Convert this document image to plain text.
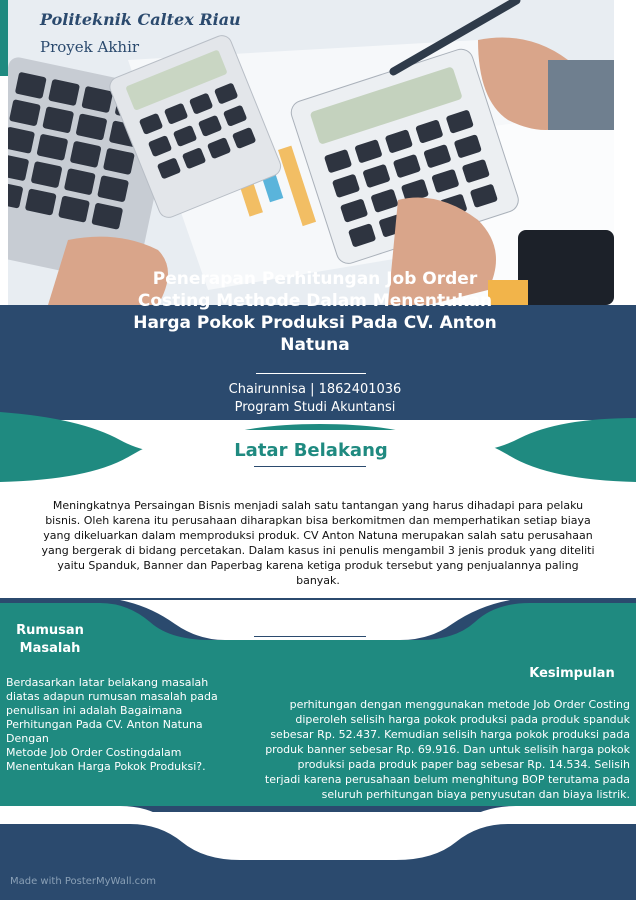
Politeknik Caltex Riau
Proyek Akhir
Penerapan Perhitungan Job Order Costing Methode Dalam Menentukan Harga Pokok Produksi Pada CV. Anton Natuna
Chairunnisa | 1862401036
Program Studi Akuntansi
Latar Belakang
Meningkatnya Persaingan Bisnis menjadi salah satu tantangan yang harus dihadapi para pelaku bisnis. Oleh karena itu perusahaan diharapkan bisa berkomitmen dan memperhatikan setiap biaya yang dikeluarkan dalam memproduksi produk. CV Anton Natuna merupakan salah satu perusahaan yang bergerak di bidang percetakan. Dalam kasus ini penulis mengambil 3 jenis produk yang diteliti yaitu Spanduk, Banner dan Paperbag karena ketiga produk tersebut yang penjualannya paling banyak.
Rumusan Masalah
Berdasarkan latar belakang masalah diatas adapun rumusan masalah pada penulisan ini adalah Bagaimana Perhitungan Pada CV. Anton Natuna Dengan
Metode Job Order Costingdalam Menentukan Harga Pokok Produksi?.
Kesimpulan
perhitungan dengan menggunakan metode Job Order Costing diperoleh selisih harga pokok produksi pada produk spanduk sebesar Rp. 52.437. Kemudian selisih harga pokok produksi pada produk banner sebesar Rp. 69.916. Dan untuk selisih harga pokok produksi pada produk paper bag sebesar Rp. 14.534. Selisih terjadi karena perusahaan belum menghitung BOP terutama pada seluruh perhitungan biaya penyusutan dan biaya listrik.
Made with PosterMyWall.com
